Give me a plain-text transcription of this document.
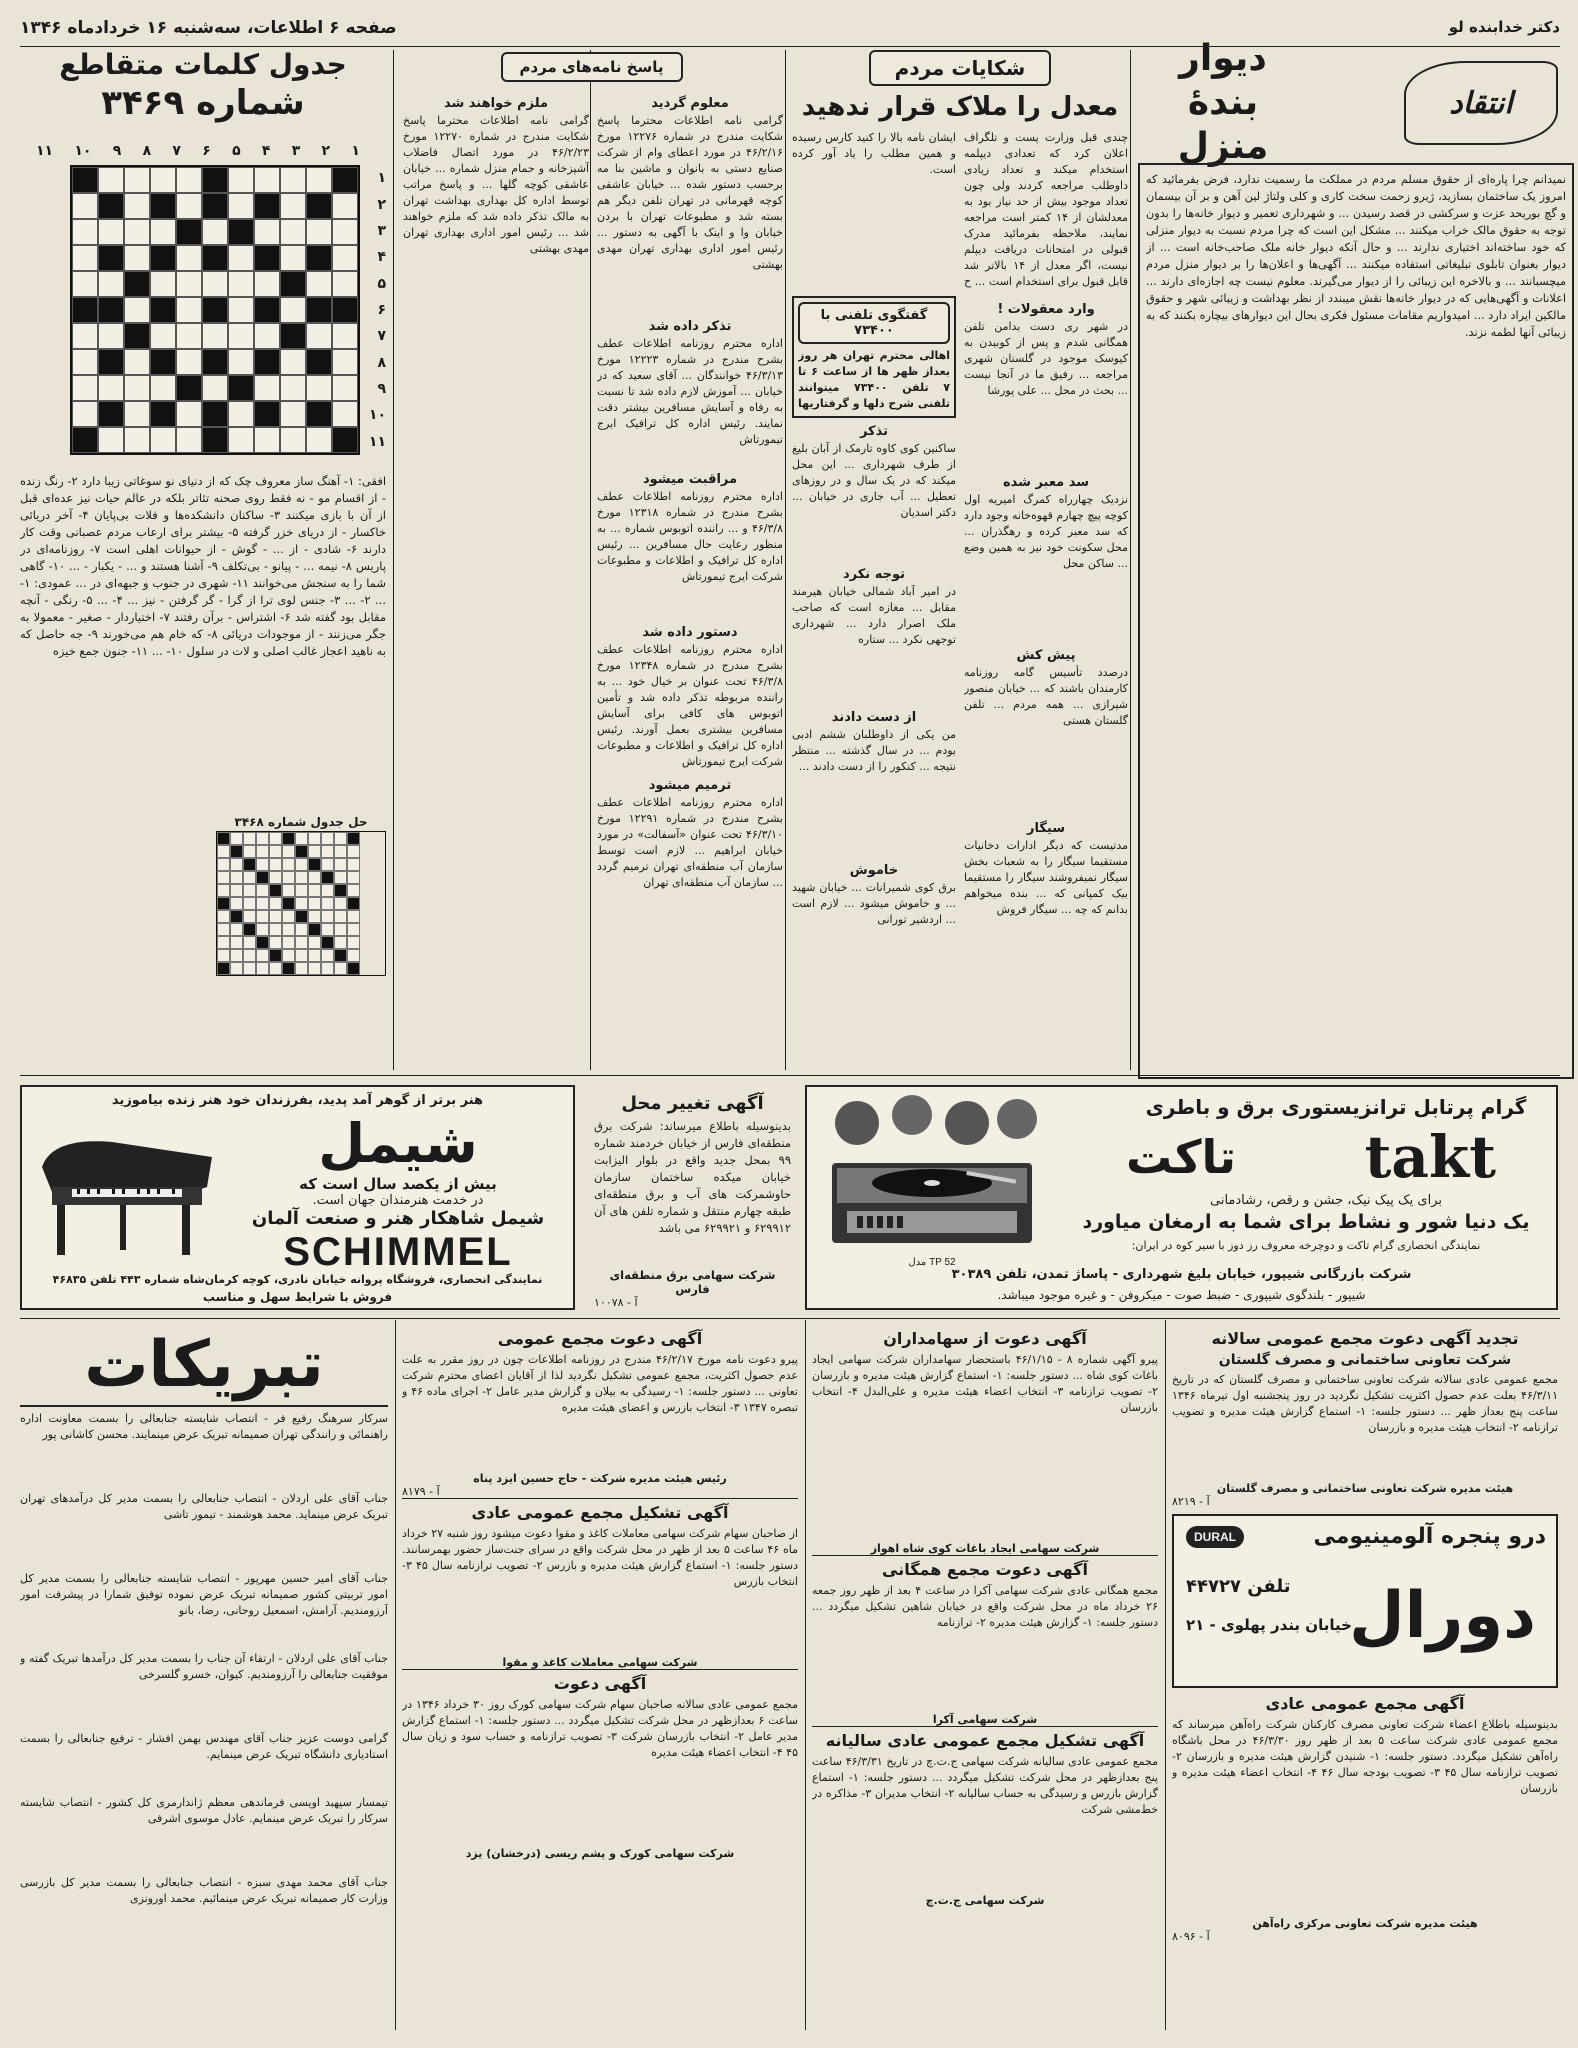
صفحه ۶ اطلاعات، سه‌شنبه ۱۶ خردادماه ۱۳۴۶	دکتر خدابنده لو
انتقاد
دیوار بندهٔ منزل
نمیدانم چرا پاره‌ای از حقوق مسلم مردم در مملکت ما رسمیت ندارد، فرض بفرمائید که امروز یک ساختمان بسازید، ژیرو زحمت سخت کاری و کلی ولتاژ لین آهن و بر آن بیسمان و گچ بوریحد عزت و سرکشی در قصد رسیدن ... و شهرداری تعمیر و دیوار خانه‌ها را بدون توجه به حقوق مالک خراب میکنند ... مشکل این است که چرا مردم نسبت به دیوار منزلی که خود ساخته‌اند اختیاری ندارند ... و حال آنکه دیوار خانه ملک صاحب‌خانه است ... از دیوار بعنوان تابلوی تبلیغاتی استفاده میکنند ... آگهی‌ها و اعلان‌ها را بر دیوار منزل مردم میچسبانند ... و بالاخره این زیبائی را از دیوار می‌گیرند. معلوم نیست چه اجازه‌ای دارند ... اعلانات و آگهی‌هایی که در دیوار خانه‌ها نقش میبندد از نظر بهداشت و زیبائی شهر و حقوق مالکین ایراد دارد ... امیدواریم مقامات مسئول فکری بحال این دیوارهای بیچاره بکنند که به زیبائی آنها لطمه نزند.
شکایات مردم
معدل را ملاک قرار ندهید
چندی قبل وزارت پست و تلگراف اعلان کرد که تعدادی دیپلمه استخدام میکند و تعداد زیادی داوطلب مراجعه کردند ولی چون تعداد موجود بیش از حد نیاز بود به معدلشان از ۱۴ کمتر است مراجعه نمایند، ملاحظه بفرمائید مدرک قبولی در امتحانات دریافت دیپلم نیست، اگر معدل از ۱۴ بالاتر شد قابل قبول برای استخدام است ... ح
ایشان نامه بالا را کنید کارس رسیده و همین مطلب را یاد آور کرده است.
وارد معقولات !
در شهر ری دست بدامن تلفن همگانی شدم و پس از کوبیدن به کیوسک موجود در گلستان شهری مراجعه ... رفیق ما در آنجا نیست ... بحث در محل ... علی پورشا
سد معبر شده
نزدیک چهارراه کمرگ امیریه اول کوچه پیچ چهارم قهوه‌خانه وجود دارد که سد معبر کرده و رهگذران ... محل سکونت خود نیز به همین وضع ... ساکن محل
پیش کش
درصدد تأسیس گامه روزنامه کارمندان باشند که ... خیابان منصور شیرازی ... همه مردم ... تلفن گلستان هستی
سیگار
مدتیست که دیگر ادارات دخانیات مستقیما سیگار را به شعبات بخش سیگار نمیفروشند سیگار را مستقیما بیک کمپانی که ... بنده میخواهم بدانم که چه ... سیگار فروش
گفتگوی تلفنی با ۷۳۴۰۰
اهالی محترم تهران هر روز بعداز ظهر ها از ساعت ۶ تا ۷ تلفن ۷۳۴۰۰ میتوانند تلفنی شرح دلها و گرفتاریها
تذکر
ساکنین کوی کاوه تارمک از آبان بلیغ از طرف شهرداری ... این محل میکند که در یک سال و در روزهای تعطیل ... آب جاری در خیابان ... دکتر اسدیان
توجه نکرد
در امیر آباد شمالی خیابان هیرمند مقابل ... مغازه است که صاحب ملک اصرار دارد ... شهرداری توجهی نکرد ... ستاره
از دست دادند
من یکی از داوطلبان ششم ادبی بودم ... در سال گذشته ... منتظر نتیجه ... کنکور را از دست دادند ...
خاموش
برق کوی شمیرانات ... خیابان شهید ... و خاموش میشود ... لازم است ... اردشیر تورانی
پاسخ نامه‌های مردم
معلوم گردید
گرامی نامه اطلاعات محترما پاسخ شکایت مندرج در شماره ۱۲۲۷۶ مورخ ۴۶/۲/۱۶ در مورد اعطای وام از شرکت صنایع دستی به بانوان و ماشین بنا مه برحسب دستور شده ... خیابان عاشقی کوچه قهرمانی در تهران تلفن دیگر هم بسته شد و مطبوعات تهران با بردن خیابان وا و اینک با آگهی به دستور ... رئیس امور اداری بهداری تهران مهدی بهشتی
ملزم خواهند شد
گرامی نامه اطلاعات محترما پاسخ شکایت مندرج در شماره ۱۲۲۷۰ مورخ ۴۶/۲/۲۳ در مورد اتصال فاضلاب آشپزخانه و حمام منزل شماره ... خیابان عاشقی کوچه گلها ... و پاسخ مراتب توسط اداره کل بهداری بهداشت تهران به مالک تذکر داده شد که ملزم خواهند شد ... رئیس امور اداری بهداری تهران مهدی بهشتی
تذکر داده شد
اداره محترم روزنامه اطلاعات عطف بشرح مندرج در شماره ۱۲۲۲۳ مورخ ۴۶/۳/۱۳ خوانندگان ... آقای سعید که در خیابان ... آموزش لازم داده شد تا نسبت به رفاه و آسایش مسافرین بیشتر دقت نمایند. رئیس اداره کل ترافیک ایرج تیمورتاش
مراقبت میشود
اداره محترم روزنامه اطلاعات عطف بشرح مندرج در شماره ۱۲۳۱۸ مورخ ۴۶/۳/۸ و ... راننده اتوبوس شماره ... به منظور رعایت حال مسافرین ... رئیس اداره کل ترافیک و اطلاعات و مطبوعات شرکت ایرج تیمورتاش
دستور داده شد
اداره محترم روزنامه اطلاعات عطف بشرح مندرج در شماره ۱۲۳۴۸ مورخ ۴۶/۳/۸ تحت عنوان بر خیال خود ... به راننده مربوطه تذکر داده شد و تأمین اتوبوس های کافی برای آسایش مسافرین بیشتری بعمل آورند. رئیس اداره کل ترافیک و اطلاعات و مطبوعات شرکت ایرج تیمورتاش
ترمیم میشود
اداره محترم روزنامه اطلاعات عطف بشرح مندرج در شماره ۱۲۲۹۱ مورخ ۴۶/۳/۱۰ تحت عنوان «آسفالت» در مورد خیابان ابراهیم ... لازم است توسط سازمان آب منطقه‌ای تهران ترمیم گردد ... سازمان آب منطقه‌ای تهران
جدول کلمات متقاطع
شماره ۳۴۶۹
۱۱ ۱۰ ۹ ۸ ۷ ۶ ۵ ۴ ۳ ۲ ۱
۱
۲
۳
۴
۵
۶
۷
۸
۹
۱۰
۱۱
افقی: ۱- آهنگ ساز معروف چک که از دنیای نو سوغاتی زیبا دارد ۲- رنگ زنده - از اقسام مو - نه فقط روی صحنه تئاتر بلکه در عالم حیات نیز عده‌ای قبل از آن با بازی میکنند ۳- ساکنان دانشکده‌ها و فلات بی‌پایان ۴- آخر دریائی خاکسار - از دریای خزر گرفته ۵- بیشتر برای ارعاب مردم عصبانی وقت کار دارند ۶- شادی - از ... - گوش - از حیوانات اهلی است ۷- روزنامه‌ای در پاریس ۸- نیمه ... - پیانو - بی‌تکلف ۹- آشنا هستند و ... - یکبار - ... ۱۰- گاهی شما را به سنجش می‌خوانند ۱۱- شهری در جنوب و جبهه‌ای در ... عمودی: ۱- ... ۲- ... ۳- جنس لوی ترا از گرا - گر گرفتن - نیز ... ۴- ... ۵- رنگی - آنچه مقابل بود گفته شد ۶- اشتراس - برآن رفتند ۷- اختیاردار - صغیر - معمولا به جگر می‌زنند - از موجودات دریائی ۸- که خام هم می‌خورند ۹- جه حاصل که به ناهید اعجاز غالب اصلی و لات در سلول ۱۰- ... ۱۱- جنون جمع خیزه
حل جدول شماره ۳۴۶۸
هنر برتر از گوهر آمد پدید، بفرزندان خود هنر زنده بیاموزید
شیمل
بیش از یکصد سال است که
در خدمت هنرمندان جهان است.
شیمل شاهکار هنر و صنعت آلمان
SCHIMMEL
نمایندگی انحصاری، فروشگاه پروانه خیابان نادری، کوچه کرمان‌شاه شماره ۴۴۳ تلفن ۴۶۸۳۵
فروش با شرایط سهل و مناسب
آگهی تغییر محل
بدینوسیله باطلاع میرساند: شرکت برق منطقه‌ای فارس از خیابان خردمند شماره ۹۹ بمحل جدید واقع در بلوار الیزابت خیابان میکده ساختمان سازمان حاوشمرکت های آب و برق منطقه‌ای طبقه چهارم منتقل و شماره تلفن های آن ۶۲۹۹۱۲ و ۶۲۹۹۲۱ می باشد
شرکت سهامی برق منطقه‌ای فارس
آ - ۱۰۰۷۸
گرام پرتابل ترانزیستوری برق و باطری
takt
تاکت
برای یک پیک نیک، جشن و رقص، رشادمانی
یک دنیا شور و نشاط برای شما به ارمغان میاورد
نمایندگی انحصاری گرام تاکت و دوچرخه معروف رز دوز با سیر کوه در ایران:
مدل TP 52
شرکت بازرگانی شیپور، خیابان بلیغ شهرداری - پاساژ تمدن، تلفن ۳۰۳۸۹
شیپور - بلندگوی شیپوری - ضبط صوت - میکروفن - و غیره موجود میباشد.
تبریکات
سرکار سرهنگ رفیع فر - انتصاب شایسته جنابعالی را بسمت معاونت اداره راهنمائی و رانندگی تهران صمیمانه تبریک عرض مینمایند. محسن کاشانی پور
جناب آقای علی اردلان - انتصاب جنابعالی را بسمت مدیر کل درآمدهای تهران تبریک عرض مینماید. محمد هوشمند - تیمور تاشی
جناب آقای امیر حسین مهرپور - انتصاب شایسته جنابعالی را بسمت مدیر کل امور تربیتی کشور صمیمانه تبریک عرض نموده توفیق شمارا در پیشرفت امور آرزومندیم. آرامش، اسمعیل روحانی، رضا، بانو
جناب آقای علی اردلان - ارتقاء آن جناب را بسمت مدیر کل درآمدها تبریک گفته و موفقیت جنابعالی را آرزومندیم. کیوان، خسرو گلسرخی
گرامی دوست عزیز جناب آقای مهندس بهمن افشار - ترفیع جنابعالی را بسمت استادیاری دانشگاه تبریک عرض مینمایم.
تیمسار سپهبد اویسی فرماندهی معظم ژاندارمری کل کشور - انتصاب شایسته سرکار را تبریک عرض مینمایم. عادل موسوی اشرفی
جناب آقای محمد مهدی سبزه - انتصاب جنابعالی را بسمت مدیر کل بازرسی وزارت کار صمیمانه تبریک عرض مینمائیم. محمد اورونزی
آگهی دعوت مجمع عمومی
پیرو دعوت نامه مورخ ۴۶/۲/۱۷ مندرج در روزنامه اطلاعات چون در روز مقرر به علت عدم حصول اکثریت، مجمع عمومی تشکیل نگردید لذا از آقایان اعضای محترم شرکت تعاونی ... دستور جلسه: ۱- رسیدگی به بیلان و گزارش مدیر عامل ۲- اجرای ماده ۴۶ و تبصره ۱۳۴۷ ۳- انتخاب بازرس و اعضای هیئت مدیره
رئیس هیئت مدیره شرکت - حاج حسین ایزد پناه
آ - ۸۱۷۹
آگهی تشکیل مجمع عمومی عادی
از صاحبان سهام شرکت سهامی معاملات کاغذ و مقوا دعوت میشود روز شنبه ۲۷ خرداد ماه ۴۶ ساعت ۵ بعد از ظهر در محل شرکت واقع در سرای جنت‌ساز حضور بهمرسانند. دستور جلسه: ۱- استماع گزارش هیئت مدیره و بازرس ۲- تصویب ترازنامه سال ۴۵ ۳- انتخاب بازرس
شرکت سهامی معاملات کاغذ و مقوا
آگهی دعوت
مجمع عمومی عادی سالانه صاحبان سهام شرکت سهامی کورک روز ۳۰ خرداد ۱۳۴۶ در ساعت ۶ بعدازظهر در محل شرکت تشکیل میگردد ... دستور جلسه: ۱- استماع گزارش مدیر عامل ۲- انتخاب بازرسان شرکت ۳- تصویب ترازنامه و حساب سود و زیان سال ۴۵ ۴- انتخاب اعضاء هیئت مدیره
شرکت سهامی کورک و پشم ریسی (درخشان) یزد
آگهی دعوت از سهامداران
پیرو آگهی شماره ۸ - ۴۶/۱/۱۵ باستحضار سهامداران شرکت سهامی ایجاد باغات کوی شاه ... دستور جلسه: ۱- استماع گزارش هیئت مدیره و بازرسان ۲- تصویب ترازنامه ۳- انتخاب اعضاء هیئت مدیره و علی‌البدل ۴- انتخاب بازرسان
شرکت سهامی ایجاد باغات کوی شاه اهواز
آگهی دعوت مجمع همگانی
مجمع همگانی عادی شرکت سهامی آکرا در ساعت ۴ بعد از ظهر روز جمعه ۲۶ خرداد ماه در محل شرکت واقع در خیابان شاهین تشکیل میگردد ... دستور جلسه: ۱- گزارش هیئت مدیره ۲- ترازنامه
شرکت سهامی آکرا
آگهی تشکیل مجمع عمومی عادی سالیانه
مجمع عمومی عادی سالیانه شرکت سهامی ج.ت.چ در تاریخ ۴۶/۳/۳۱ ساعت پنج بعدازظهر در محل شرکت تشکیل میگردد ... دستور جلسه: ۱- استماع گزارش بازرس و رسیدگی به حساب سالیانه ۲- انتخاب مدیران ۳- مذاکره در خط‌مشی شرکت
شرکت سهامی ج.ت.چ
تجدید آگهی دعوت مجمع عمومی سالانه
شرکت تعاونی ساختمانی و مصرف گلستان
مجمع عمومی عادی سالانه شرکت تعاونی ساختمانی و مصرف گلستان که در تاریخ ۴۶/۳/۱۱ بعلت عدم حصول اکثریت تشکیل نگردید در روز پنجشنبه اول تیرماه ۱۳۴۶ ساعت پنج بعداز ظهر ... دستور جلسه: ۱- استماع گزارش هیئت مدیره و تصویب ترازنامه ۲- انتخاب هیئت مدیره و بازرسان
هیئت مدیره شرکت تعاونی ساختمانی و مصرف گلستان
آ - ۸۲۱۹
درو پنجره آلومینیومی
DURAL
دورال
تلفن ۴۴۷۲۷
خیابان بندر پهلوی - ۲۱
آگهی مجمع عمومی عادی
بدینوسیله باطلاع اعضاء شرکت تعاونی مصرف کارکنان شرکت راه‌آهن میرساند که مجمع عمومی عادی شرکت ساعت ۵ بعد از ظهر روز ۴۶/۳/۳۰ در محل باشگاه راه‌آهن تشکیل میگردد. دستور جلسه: ۱- شنیدن گزارش هیئت مدیره و بازرسان ۲- تصویب ترازنامه سال ۴۵ ۳- تصویب بودجه سال ۴۶ ۴- انتخاب اعضاء هیئت مدیره و بازرسان
هیئت مدیره شرکت تعاونی مرکزی راه‌آهن
آ - ۸۰۹۶
